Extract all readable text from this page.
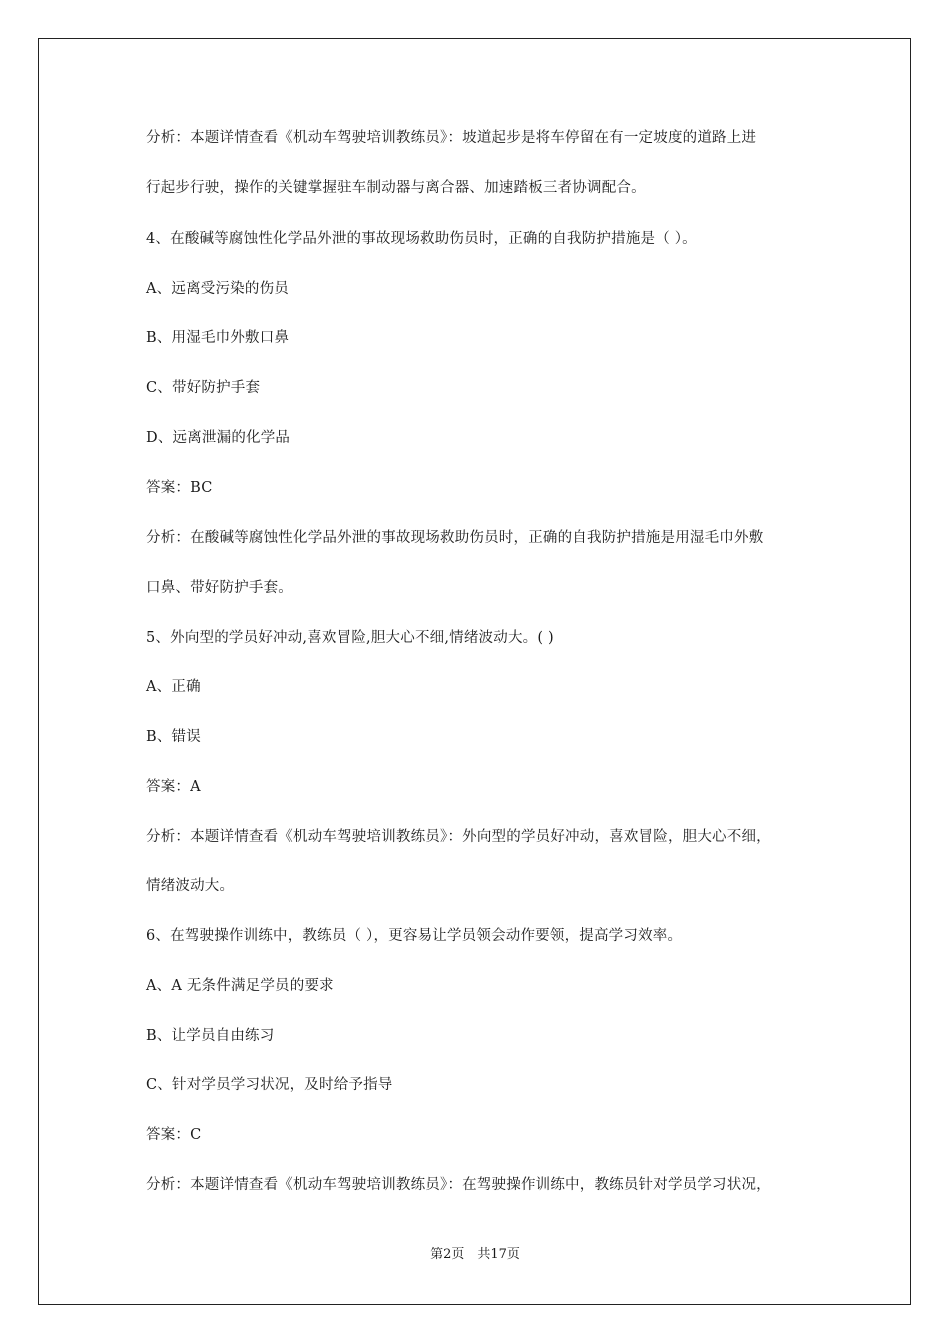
分析：本题详情查看《机动车驾驶培训教练员》：坡道起步是将车停留在有一定坡度的道路上进
行起步行驶，操作的关键掌握驻车制动器与离合器、加速踏板三者协调配合。
4、在酸碱等腐蚀性化学品外泄的事故现场救助伤员时，正确的自我防护措施是（ ）。
A、远离受污染的伤员
B、用湿毛巾外敷口鼻
C、带好防护手套
D、远离泄漏的化学品
答案：BC
分析：在酸碱等腐蚀性化学品外泄的事故现场救助伤员时，正确的自我防护措施是用湿毛巾外敷
口鼻、带好防护手套。
5、外向型的学员好冲动,喜欢冒险,胆大心不细,情绪波动大。( )
A、正确
B、错误
答案：A
分析：本题详情查看《机动车驾驶培训教练员》：外向型的学员好冲动，喜欢冒险，胆大心不细，
情绪波动大。
6、在驾驶操作训练中，教练员（ ），更容易让学员领会动作要领，提高学习效率。
A、A 无条件满足学员的要求
B、让学员自由练习
C、针对学员学习状况，及时给予指导
答案：C
分析：本题详情查看《机动车驾驶培训教练员》：在驾驶操作训练中，教练员针对学员学习状况，
第2页　共17页
